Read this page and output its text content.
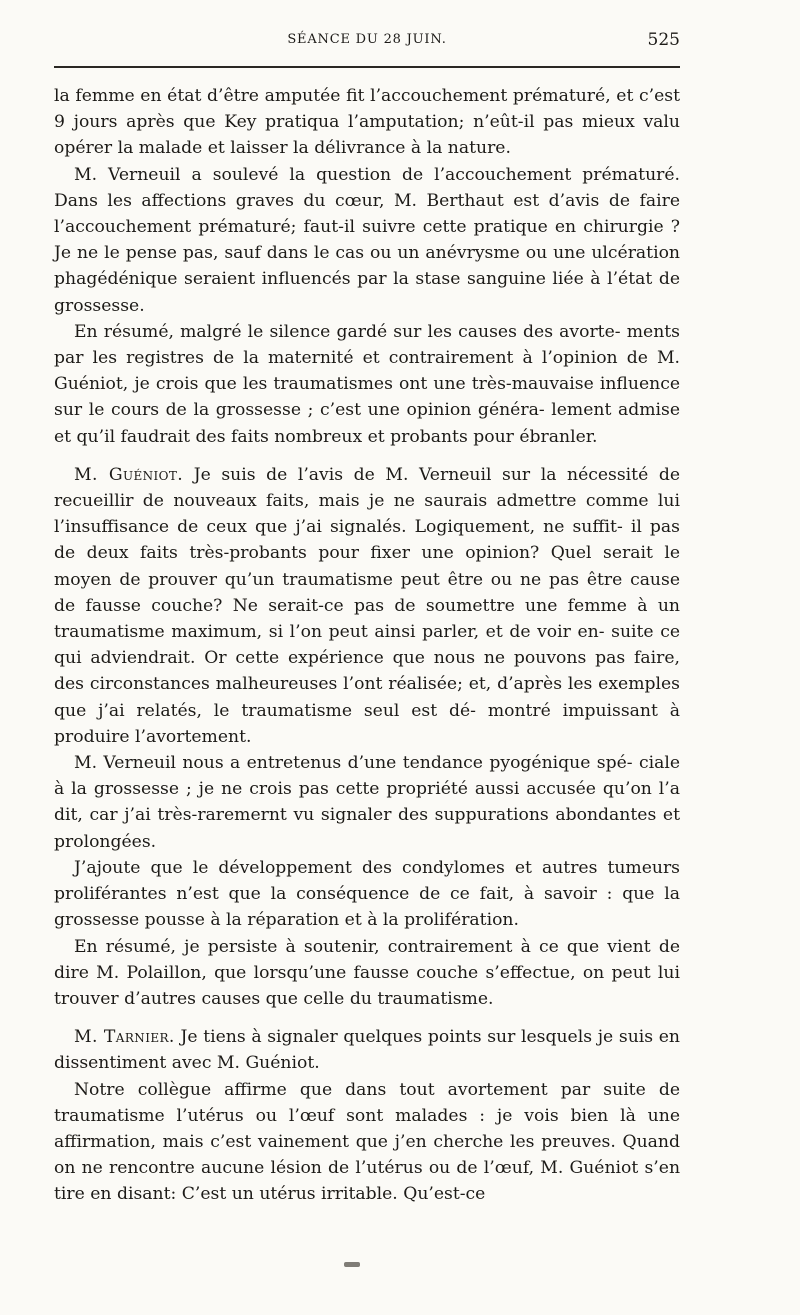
SÉANCE DU 28 JUIN.	525

la femme en état d’être amputée fit l’accouchement prématuré, et c’est 9 jours après que Key pratiqua l’amputation; n’eût-il pas mieux valu opérer la malade et laisser la délivrance à la nature.

M. Verneuil a soulevé la question de l’accouchement prématuré. Dans les affections graves du cœur, M. Berthaut est d’avis de faire l’accouchement prématuré; faut-il suivre cette pratique en chirurgie ? Je ne le pense pas, sauf dans le cas ou un anévrysme ou une ulcération phagédénique seraient influencés par la stase sanguine liée à l’état de grossesse.

En résumé, malgré le silence gardé sur les causes des avorte- ments par les registres de la maternité et contrairement à l’opinion de M. Guéniot, je crois que les traumatismes ont une très-mauvaise influence sur le cours de la grossesse ; c’est une opinion généra- lement admise et qu’il faudrait des faits nombreux et probants pour ébranler.

M. Guéniot. Je suis de l’avis de M. Verneuil sur la nécessité de recueillir de nouveaux faits, mais je ne saurais admettre comme lui l’insuffisance de ceux que j’ai signalés. Logiquement, ne suffit- il pas de deux faits très-probants pour fixer une opinion? Quel serait le moyen de prouver qu’un traumatisme peut être ou ne pas être cause de fausse couche? Ne serait-ce pas de soumettre une femme à un traumatisme maximum, si l’on peut ainsi parler, et de voir en- suite ce qui adviendrait. Or cette expérience que nous ne pouvons pas faire, des circonstances malheureuses l’ont réalisée; et, d’après les exemples que j’ai relatés, le traumatisme seul est dé- montré impuissant à produire l’avortement.

M. Verneuil nous a entretenus d’une tendance pyogénique spé- ciale à la grossesse ; je ne crois pas cette propriété aussi accusée qu’on l’a dit, car j’ai très-raremernt vu signaler des suppurations abondantes et prolongées.

J’ajoute que le développement des condylomes et autres tumeurs proliférantes n’est que la conséquence de ce fait, à savoir : que la grossesse pousse à la réparation et à la prolifération.

En résumé, je persiste à soutenir, contrairement à ce que vient de dire M. Polaillon, que lorsqu’une fausse couche s’effectue, on peut lui trouver d’autres causes que celle du traumatisme.

M. Tarnier. Je tiens à signaler quelques points sur lesquels je suis en dissentiment avec M. Guéniot.

Notre collègue affirme que dans tout avortement par suite de traumatisme l’utérus ou l’œuf sont malades : je vois bien là une affirmation, mais c’est vainement que j’en cherche les preuves. Quand on ne rencontre aucune lésion de l’utérus ou de l’œuf, M. Guéniot s’en tire en disant: C’est un utérus irritable. Qu’est-ce
